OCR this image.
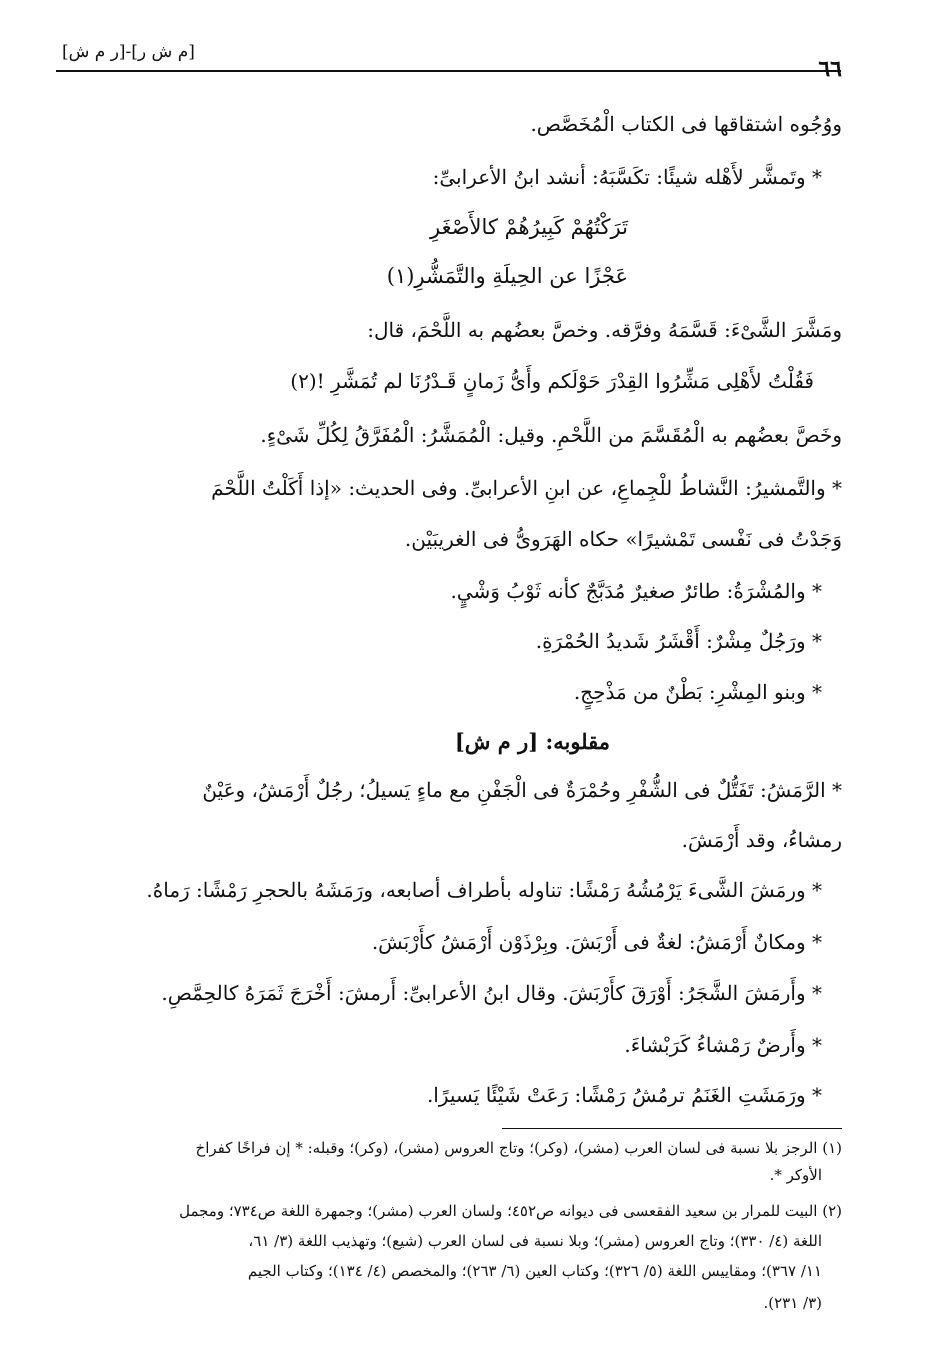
[م ش ر]-[ر م ش]
٦٦
ووُجُوه اشتقاقها فى الكتاب الْمُخَصَّص.
* وتَمشَّر لأَهْله شيئًا: تكَسَّبَهُ: أنشد ابنُ الأعرابىِّ:
تَرَكْتُهُمْ كَبِيرُهُمْ كالأَصْغَرِ
عَجْزًا عن الحِيلَةِ والتَّمَشُّرِ(١)
ومَشَّرَ الشَّىْءَ: قَسَّمَهُ وفرَّقه. وخصَّ بعضُهم به اللَّحْمَ، قال:
فَقُلْتُ لأَهْلِى مَشِّرُوا القِدْرَ حَوْلَكم وأَىُّ زَمانٍ قَـدْرُنَا لم تُمَشَّرِ !(٢)
وخَصَّ بعضُهم به الْمُقَسَّمَ من اللَّحْمِ. وقيل: الْمُمَشَّرُ: الْمُفَرَّقُ لِكُلِّ شَىْءٍ.
* والتَّمشيرُ: النَّشاطُ للْجِماعِ، عن ابنِ الأعرابىِّ. وفى الحديث: «إذا أَكَلْتُ اللَّحْمَ
وَجَدْتُ فى نَفْسى تَمْشيرًا» حكاه الهَرَوىُّ فى الغريبَيْن.
* والمُشْرَةُ: طائرٌ صغيرٌ مُدَبَّجٌ كأنه ثَوْبُ وَشْيٍ.
* ورَجُلٌ مِشْرٌ: أَقْشَرُ شَديدُ الحُمْرَةِ.
* وبنو المِشْرِ: بَطْنٌ من مَذْحِجٍ.
مقلوبه: [ر م ش]
* الرَّمَشُ: تَفَتُّلٌ فى الشُّفْرِ وحُمْرَةٌ فى الْجَفْنِ مع ماءٍ يَسيلُ؛ رجُلٌ أَرْمَشُ، وعَيْنٌ
رمشاءُ، وقد أَرْمَشَ.
* ورمَشَ الشَّىءَ يَرْمُشُهُ رَمْشًا: تناوله بأطراف أصابعه، ورَمَشَهُ بالحجرِ رَمْشًا: رَماهُ.
* ومكانٌ أَرْمَشُ: لغةٌ فى أَرْبَشَ. وبِرْذَوْن أَرْمَشُ كأَرْبَشَ.
* وأَرمَشَ الشَّجَرُ: أَوْرَقَ كأَرْبَشَ. وقال ابنُ الأعرابىِّ: أَرمشَ: أَخْرَجَ ثَمَرَهُ كالحِمَّصِ.
* وأَرضٌ رَمْشاءُ كَرَبْشاءَ.
* ورَمَشَتِ الغَنَمُ ترمُشُ رَمْشًا: رَعَتْ شَيْئًا يَسيرًا.
(١) الرجز بلا نسبة فى لسان العرب (مشر)، (وكر)؛ وتاج العروس (مشر)، (وكر)؛ وقبله: * إن فراخًا كفراخ
الأوكر *.
(٢) البيت للمرار بن سعيد الفقعسى فى ديوانه ص٤٥٢؛ ولسان العرب (مشر)؛ وجمهرة اللغة ص٧٣٤؛ ومجمل
اللغة (٤/ ٣٣٠)؛ وتاج العروس (مشر)؛ وبلا نسبة فى لسان العرب (شيع)؛ وتهذيب اللغة (٣/ ٦١،
١١/ ٣٦٧)؛ ومقاييس اللغة (٥/ ٣٢٦)؛ وكتاب العين (٦/ ٢٦٣)؛ والمخصص (٤/ ١٣٤)؛ وكتاب الجيم
(٣/ ٢٣١).
